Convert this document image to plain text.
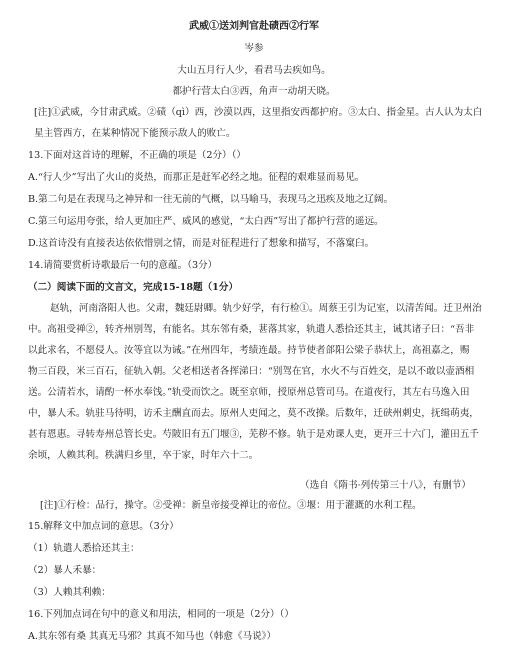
武威①送刘判官赴碛西②行军
岑参
大山五月行人少，看君马去疾如鸟。
都护行营太白③西，角声一动胡天晓。
[注]①武威，今甘肃武威。②碛（qì）西，沙漠以西，这里指安西都护府。③太白、指金星。古人认为太白
星主管西方，在某种情况下能预示敌人的败亡。
13.下面对这首诗的理解，不正确的项是（2分）（）
A.“行人少”写出了火山的炎热，而那正是赶军必经之地。征程的艰难显而易见。
B.第二句是在表现马之神异和一往无前的气概，以马喻马，表现马之迅疾及地之辽阔。
C.第三句运用夸张，给人更加庄严、威风的感觉，“太白西”写出了都护行营的遥远。
D.这首诗没有直接表达依依惜别之情，而是对征程进行了想象和描写，不落窠臼。
14.请简要赏析诗歌最后一句的意蕴。（3分）
（二）阅读下面的文言文，完成15-18题（1分）
赵轨，河南洛阳人也。父肃，魏廷尉卿。轨少好学，有行检①。周蔡王引为记室，以清苦闻。迁卫州治
中。高祖受禅②，转齐州别驾，有能名。其东邻有桑，葚落其家，轨遣人悉拾还其主，诫其诸子曰：“吾非
以此求名，不愿侵人。汝等宜以为诫。”在州四年，考绩连最。持节使者郃阳公梁子恭状上，高祖嘉之，赐
物三百段，米三百石，征轨入朝。父老相送者各挥涕曰：“别驾在官，水火不与百姓交，是以不敢以壶酒相
送。公清若水，请酌一杯水奉饯。”轨受而饮之。既至京师，授原州总管司马。在道夜行，其左右马逸入田
中，暴人禾。轨驻马待明，访禾主酬直而去。原州人吏闻之，莫不改操。后数年，迁硖州刺史，抚缉萌夷，
甚有恩惠。寻转寿州总管长史。芍陂旧有五门堰③，芜秽不修。轨于是劝课人吏，更开三十六门，灌田五千
余顷，人赖其利。秩满归乡里，卒于家，时年六十二。
（选自《隋书·列传第三十八》，有删节）
[注]①行检：品行，操守。②受禅：新皇帝接受禅让的帝位。③堰：用于灌溉的水利工程。
15.解释文中加点词的意思。（3分）
（1）轨遣人悉拾还其主：
（2）暴人禾暴：
（3）人赖其利赖：
16.下列加点词在句中的意义和用法，相同的一项是（2分）（）
A.其东邻有桑 其真无马邪？其真不知马也（韩愈《马说》）
